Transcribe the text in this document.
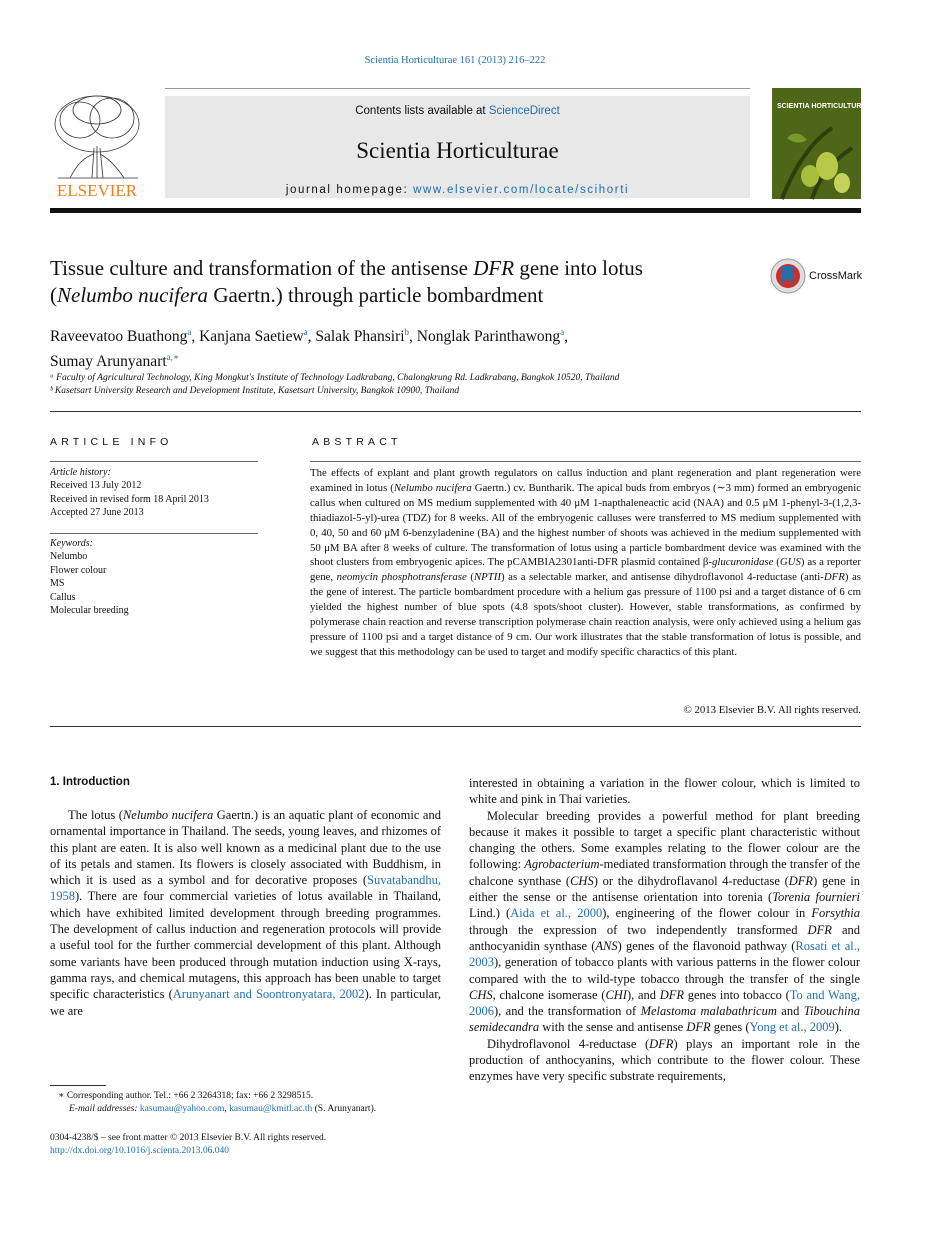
Scientia Horticulturae 161 (2013) 216–222
ELSEVIER
Contents lists available at ScienceDirect
Scientia Horticulturae
journal homepage: www.elsevier.com/locate/scihorti
SCIENTIA HORTICULTURAE
Tissue culture and transformation of the antisense DFR gene into lotus
(Nelumbo nucifera Gaertn.) through particle bombardment
CrossMark
Raveevatoo Buathong$^a$, Kanjana Saetiew$^a$, Salak Phansiri$^b$, Nonglak Parinthawong$^a$,
Sumay Arunyanart$^{a,∗}$
ᵃ Faculty of Agricultural Technology, King Mongkut's Institute of Technology Ladkrabang, Chalongkrung Rd. Ladkrabang, Bangkok 10520, Thailand
ᵇ Kasetsart University Research and Development Institute, Kasetsart University, Bangkok 10900, Thailand
ARTICLE INFO	ABSTRACT
Article history:
Received 13 July 2012
Received in revised form 18 April 2013
Accepted 27 June 2013
Keywords:
Nelumbo
Flower colour
MS
Callus
Molecular breeding
The effects of explant and plant growth regulators on callus induction and plant regeneration and plant regeneration were examined in lotus (Nelumbo nucifera Gaertn.) cv. Buntharik. The apical buds from embryos (∼3 mm) formed an embryogenic callus when cultured on MS medium supplemented with 40 μM 1-napthaleneactic acid (NAA) and 0.5 μM 1-phenyl-3-(1,2,3-thiadiazol-5-yl)-urea (TDZ) for 8 weeks. All of the embryogenic calluses were transferred to MS medium supplemented with 0, 40, 50 and 60 μM 6-benzyladenine (BA) and the highest number of shoots was achieved in the medium supplemented with 50 μM BA after 8 weeks of culture. The transformation of lotus using a particle bombardment device was examined with the shoot clusters from embryogenic apices. The pCAMBIA2301anti-DFR plasmid contained β-glucuronidase (GUS) as a reporter gene, neomycin phosphotransferase (NPTII) as a selectable marker, and antisense dihydroflavonol 4-reductase (anti-DFR) as the gene of interest. The particle bombardment procedure with a helium gas pressure of 1100 psi and a target distance of 6 cm yielded the highest number of blue spots (4.8 spots/shoot cluster). However, stable transformations, as confirmed by polymerase chain reaction and reverse transcription polymerase chain reaction analysis, were only achieved using a helium gas pressure of 1100 psi and a target distance of 9 cm. Our work illustrates that the stable transformation of lotus is possible, and we suggest that this methodology can be used to target and modify specific charactics of this plant.
© 2013 Elsevier B.V. All rights reserved.
1. Introduction

The lotus (Nelumbo nucifera Gaertn.) is an aquatic plant of economic and ornamental importance in Thailand. The seeds, young leaves, and rhizomes of this plant are eaten. It is also well known as a medicinal plant due to the use of its petals and stamen. Its flowers is closely associated with Buddhism, in which it is used as a symbol and for decorative proposes (Suvatabandhu, 1958). There are four commercial varieties of lotus available in Thailand, which have exhibited limited development through breeding programmes. The development of callus induction and regeneration protocols will provide a useful tool for the further commercial development of this plant. Although some variants have been produced through mutation induction using X-rays, gamma rays, and chemical mutagens, this approach has been unable to target specific characteristics (Arunyanart and Soontronyatara, 2002). In particular, we are

interested in obtaining a variation in the flower colour, which is limited to white and pink in Thai varieties.

Molecular breeding provides a powerful method for plant breeding because it makes it possible to target a specific plant characteristic without changing the others. Some examples relating to the flower colour are the following: Agrobacterium-mediated transformation through the transfer of the chalcone synthase (CHS) or the dihydroflavanol 4-reductase (DFR) gene in either the sense or the antisense orientation into torenia (Torenia fournieri Lind.) (Aida et al., 2000), engineering of the flower colour in Forsythia through the expression of two independently transformed DFR and anthocyanidin synthase (ANS) genes of the flavonoid pathway (Rosati et al., 2003), generation of tobacco plants with various patterns in the flower colour compared with the to wild-type tobacco through the transfer of the single CHS, chalcone isomerase (CHI), and DFR genes into tobacco (To and Wang, 2006), and the transformation of Melastoma malabathricum and Tibouchina semidecandra with the sense and antisense DFR genes (Yong et al., 2009).

Dihydroflavonol 4-reductase (DFR) plays an important role in the production of anthocyanins, which contribute to the flower colour. These enzymes have very specific substrate requirements,

∗ Corresponding author. Tel.: +66 2 3264318; fax: +66 2 3298515.
E-mail addresses: kasumau@yahoo.com, kasumau@kmitl.ac.th (S. Arunyanart).
0304-4238/$ – see front matter © 2013 Elsevier B.V. All rights reserved.
http://dx.doi.org/10.1016/j.scienta.2013.06.040
